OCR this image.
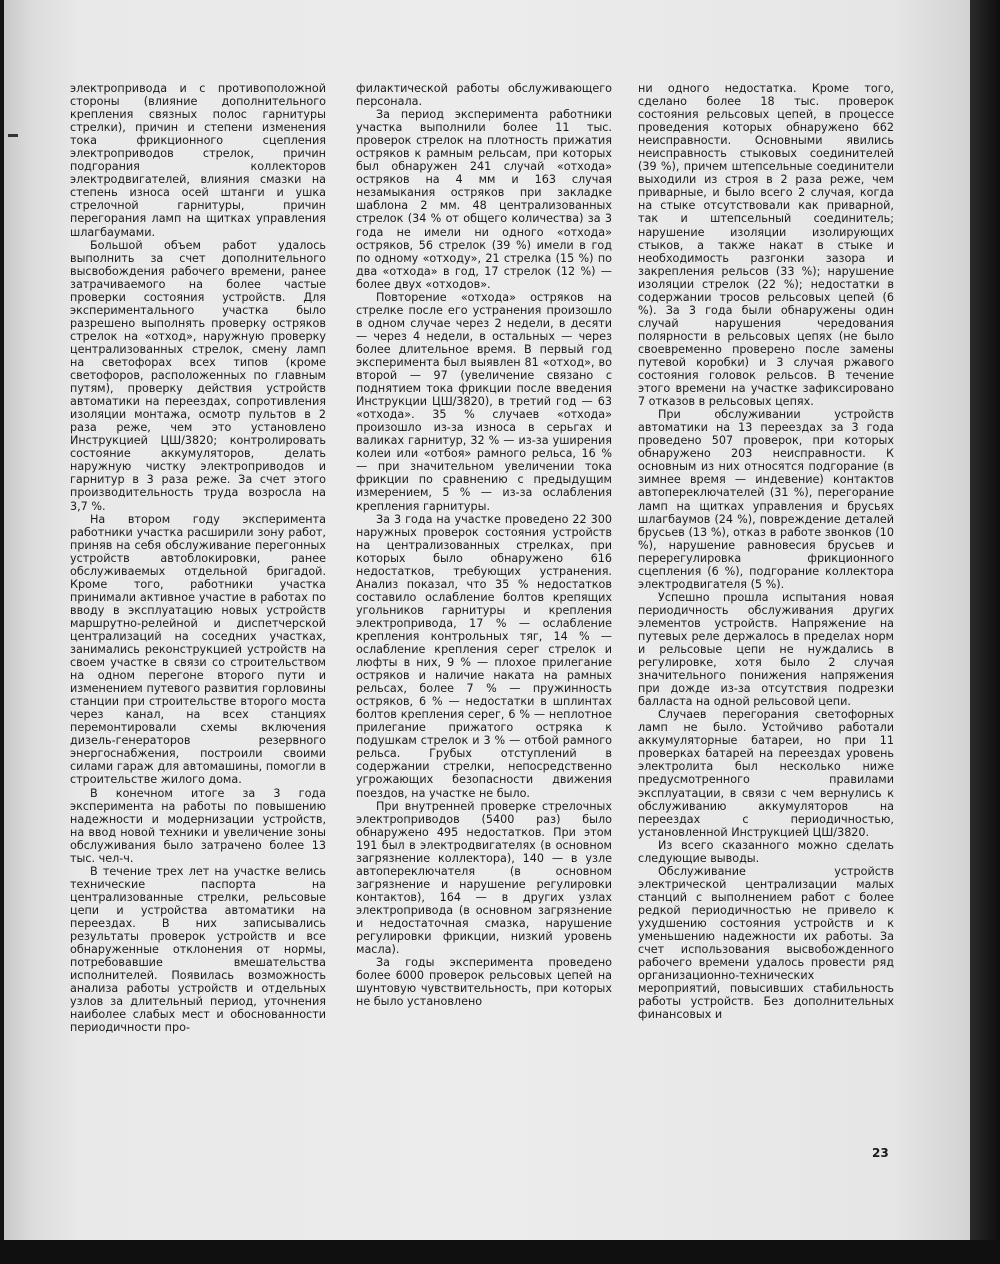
электропривода и с противоположной стороны (влияние дополнительного крепления связных полос гарнитуры стрелки), причин и степени изменения тока фрикционного сцепления электроприводов стрелок, причин подгорания коллекторов электродвигателей, влияния смазки на степень износа осей штанги и ушка стрелочной гарнитуры, причин перегорания ламп на щитках управления шлагбаумами.

Большой объем работ удалось выполнить за счет дополнительного высвобождения рабочего времени, ранее затрачиваемого на более частые проверки состояния устройств. Для экспериментального участка было разрешено выполнять проверку остряков стрелок на «отход», наружную проверку централизованных стрелок, смену ламп на светофорах всех типов (кроме светофоров, расположенных по главным путям), проверку действия устройств автоматики на переездах, сопротивления изоляции монтажа, осмотр пультов в 2 раза реже, чем это установлено Инструкцией ЦШ/3820; контролировать состояние аккумуляторов, делать наружную чистку электроприводов и гарнитур в 3 раза реже. За счет этого производительность труда возросла на 3,7 %.

На втором году эксперимента работники участка расширили зону работ, приняв на себя обслуживание перегонных устройств автоблокировки, ранее обслуживаемых отдельной бригадой. Кроме того, работники участка принимали активное участие в работах по вводу в эксплуатацию новых устройств маршрутно-релейной и диспетчерской централизаций на соседних участках, занимались реконструкцией устройств на своем участке в связи со строительством на одном перегоне второго пути и изменением путевого развития горловины станции при строительстве второго моста через канал, на всех станциях перемонтировали схемы включения дизель-генераторов резервного энергоснабжения, построили своими силами гараж для автомашины, помогли в строительстве жилого дома.

В конечном итоге за 3 года эксперимента на работы по повышению надежности и модернизации устройств, на ввод новой техники и увеличение зоны обслуживания было затрачено более 13 тыс. чел-ч.

В течение трех лет на участке велись технические паспорта на централизованные стрелки, рельсовые цепи и устройства автоматики на переездах. В них записывались результаты проверок устройств и все обнаруженные отклонения от нормы, потребовавшие вмешательства исполнителей. Появилась возможность анализа работы устройств и отдельных узлов за длительный период, уточнения наиболее слабых мест и обоснованности периодичности про-

филактической работы обслуживающего персонала.

За период эксперимента работники участка выполнили более 11 тыс. проверок стрелок на плотность прижатия остряков к рамным рельсам, при которых был обнаружен 241 случай «отхода» остряков на 4 мм и 163 случая незамыкания остряков при закладке шаблона 2 мм. 48 централизованных стрелок (34 % от общего количества) за 3 года не имели ни одного «отхода» остряков, 56 стрелок (39 %) имели в год по одному «отходу», 21 стрелка (15 %) по два «отхода» в год, 17 стрелок (12 %) — более двух «отходов».

Повторение «отхода» остряков на стрелке после его устранения произошло в одном случае через 2 недели, в десяти — через 4 недели, в остальных — через более длительное время. В первый год эксперимента был выявлен 81 «отход», во второй — 97 (увеличение связано с поднятием тока фрикции после введения Инструкции ЦШ/3820), в третий год — 63 «отхода». 35 % случаев «отхода» произошло из-за износа в серьгах и валиках гарнитур, 32 % — из-за уширения колеи или «отбоя» рамного рельса, 16 % — при значительном увеличении тока фрикции по сравнению с предыдущим измерением, 5 % — из-за ослабления крепления гарнитуры.

За 3 года на участке проведено 22 300 наружных проверок состояния устройств на централизованных стрелках, при которых было обнаружено 616 недостатков, требующих устранения. Анализ показал, что 35 % недостатков составило ослабление болтов крепящих угольников гарнитуры и крепления электропривода, 17 % — ослабление крепления контрольных тяг, 14 % — ослабление крепления серег стрелок и люфты в них, 9 % — плохое прилегание остряков и наличие наката на рамных рельсах, более 7 % — пружинность остряков, 6 % — недостатки в шплинтах болтов крепления серег, 6 % — неплотное прилегание прижатого остряка к подушкам стрелок и 3 % — отбой рамного рельса. Грубых отступлений в содержании стрелки, непосредственно угрожающих безопасности движения поездов, на участке не было.

При внутренней проверке стрелочных электроприводов (5400 раз) было обнаружено 495 недостатков. При этом 191 был в электродвигателях (в основном загрязнение коллектора), 140 — в узле автопереключателя (в основном загрязнение и нарушение регулировки контактов), 164 — в других узлах электропривода (в основном загрязнение и недостаточная смазка, нарушение регулировки фрикции, низкий уровень масла).

За годы эксперимента проведено более 6000 проверок рельсовых цепей на шунтовую чувствительность, при которых не было установлено

ни одного недостатка. Кроме того, сделано более 18 тыс. проверок состояния рельсовых цепей, в процессе проведения которых обнаружено 662 неисправности. Основными явились неисправность стыковых соединителей (39 %), причем штепсельные соединители выходили из строя в 2 раза реже, чем приварные, и было всего 2 случая, когда на стыке отсутствовали как приварной, так и штепсельный соединитель; нарушение изоляции изолирующих стыков, а также накат в стыке и необходимость разгонки зазора и закрепления рельсов (33 %); нарушение изоляции стрелок (22 %); недостатки в содержании тросов рельсовых цепей (6 %). За 3 года были обнаружены один случай нарушения чередования полярности в рельсовых цепях (не было своевременно проверено после замены путевой коробки) и 3 случая ржавого состояния головок рельсов. В течение этого времени на участке зафиксировано 7 отказов в рельсовых цепях.

При обслуживании устройств автоматики на 13 переездах за 3 года проведено 507 проверок, при которых обнаружено 203 неисправности. К основным из них относятся подгорание (в зимнее время — индевение) контактов автопереключателей (31 %), перегорание ламп на щитках управления и брусьях шлагбаумов (24 %), повреждение деталей брусьев (13 %), отказ в работе звонков (10 %), нарушение равновесия брусьев и перерегулировка фрикционного сцепления (6 %), подгорание коллектора электродвигателя (5 %).

Успешно прошла испытания новая периодичность обслуживания других элементов устройств. Напряжение на путевых реле держалось в пределах норм и рельсовые цепи не нуждались в регулировке, хотя было 2 случая значительного понижения напряжения при дожде из-за отсутствия подрезки балласта на одной рельсовой цепи.

Случаев перегорания светофорных ламп не было. Устойчиво работали аккумуляторные батареи, но при 11 проверках батарей на переездах уровень электролита был несколько ниже предусмотренного правилами эксплуатации, в связи с чем вернулись к обслуживанию аккумуляторов на переездах с периодичностью, установленной Инструкцией ЦШ/3820.

Из всего сказанного можно сделать следующие выводы.

Обслуживание устройств электрической централизации малых станций с выполнением работ с более редкой периодичностью не привело к ухудшению состояния устройств и к уменьшению надежности их работы. За счет использования высвобожденного рабочего времени удалось провести ряд организационно-технических мероприятий, повысивших стабильность работы устройств. Без дополнительных финансовых и

23
